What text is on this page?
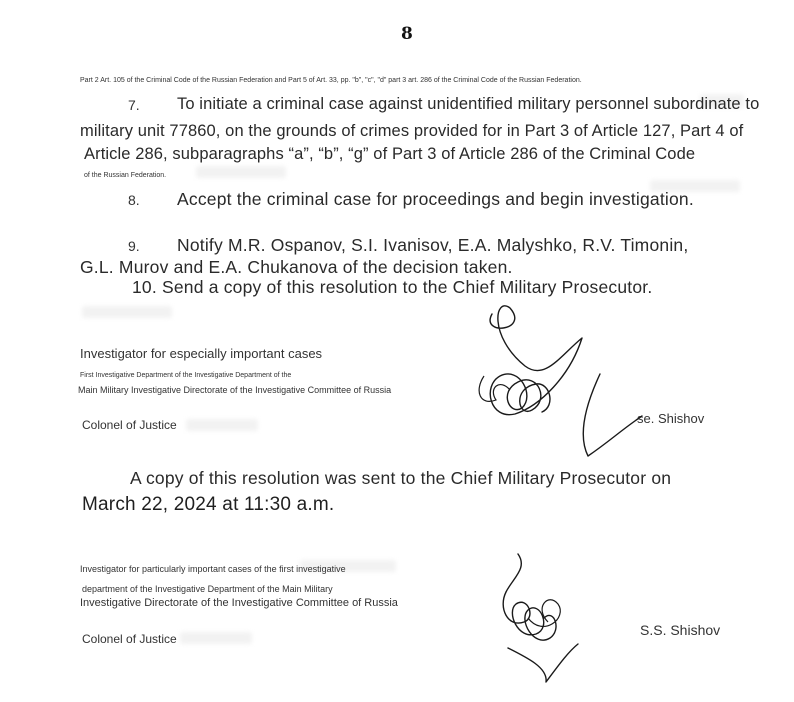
8
Part 2 Art. 105 of the Criminal Code of the Russian Federation and Part 5 of Art. 33, pp. "b", "c", "d" part 3 art. 286 of the Criminal Code of the Russian Federation.
7. To initiate a criminal case against unidentified military personnel subordinate to
military unit 77860, on the grounds of crimes provided for in Part 3 of Article 127, Part 4 of
Article 286, subparagraphs “a”, “b”, “g” of Part 3 of Article 286 of the Criminal Code
of the Russian Federation.
8. Accept the criminal case for proceedings and begin investigation.
9. Notify M.R. Ospanov, S.I. Ivanisov, E.A. Malyshko, R.V. Timonin,
G.L. Murov and E.A. Chukanova of the decision taken.
10. Send a copy of this resolution to the Chief Military Prosecutor.
Investigator for especially important cases
First Investigative Department of the Investigative Department of the
Main Military Investigative Directorate of the Investigative Committee of Russia
Colonel of Justice	se. Shishov
A copy of this resolution was sent to the Chief Military Prosecutor on
March 22, 2024 at 11:30 a.m.
Investigator for particularly important cases of the first investigative
department of the Investigative Department of the Main Military
Investigative Directorate of the Investigative Committee of Russia
Colonel of Justice
S.S. Shishov
